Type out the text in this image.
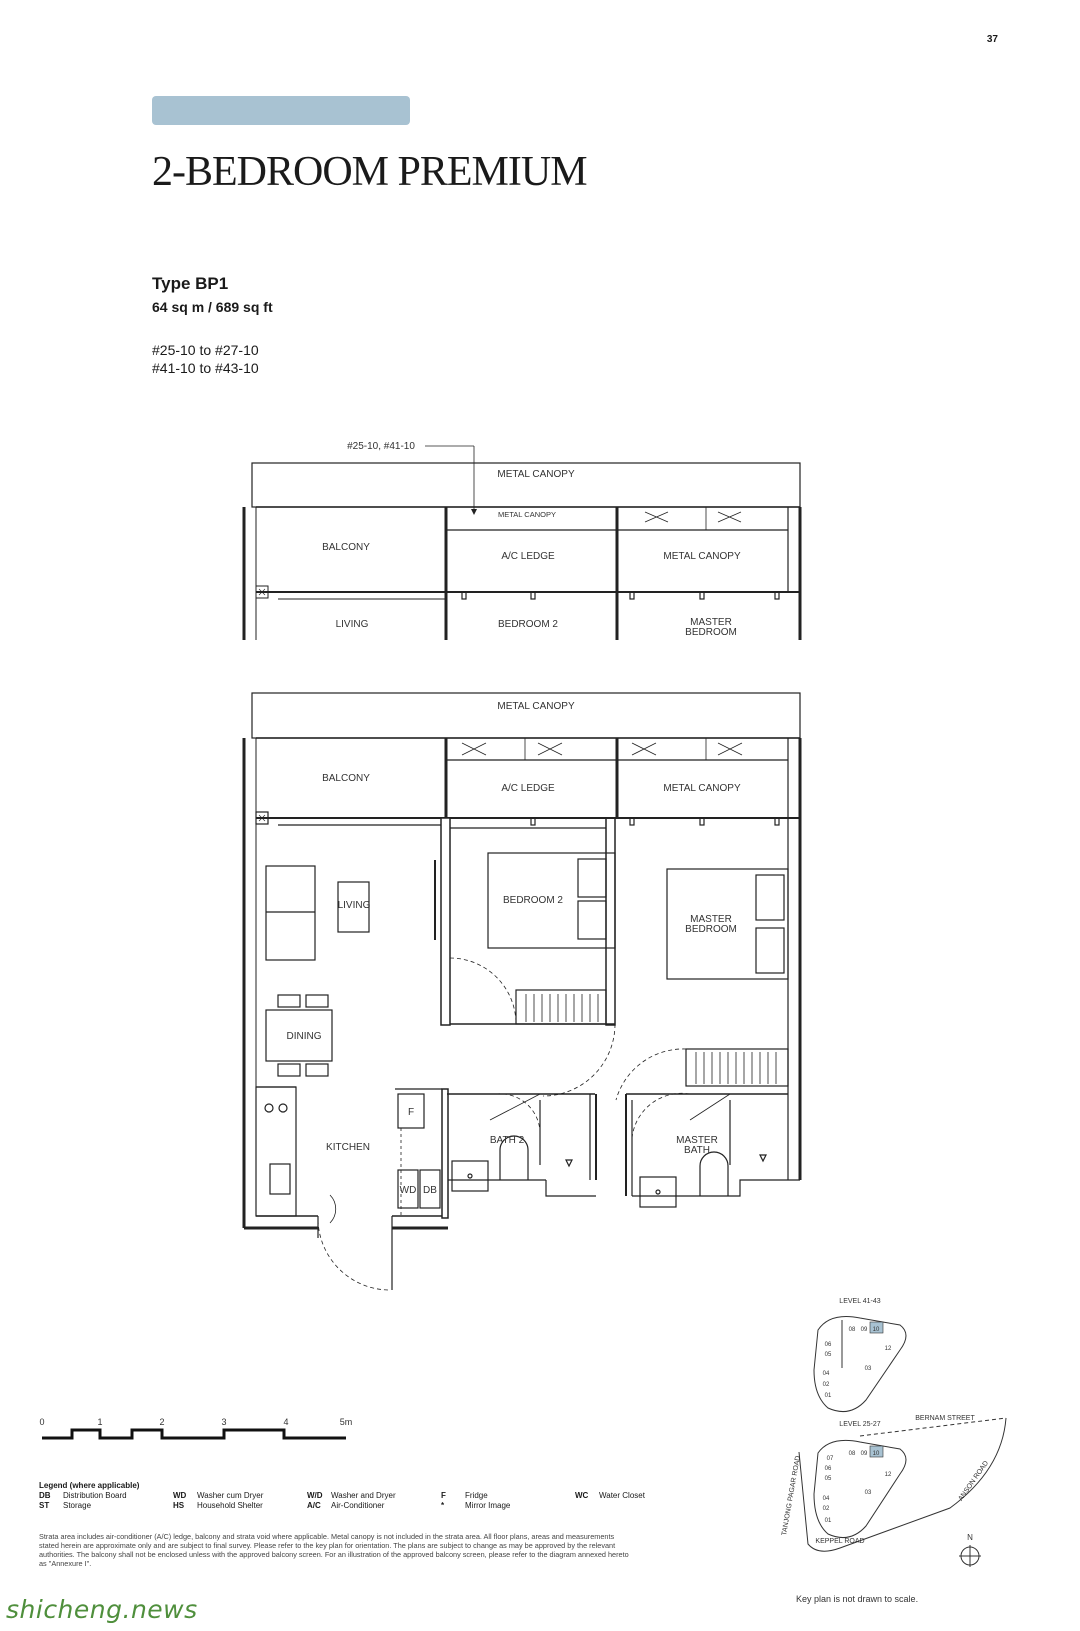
37
2-BEDROOM PREMIUM
Type BP1
64 sq m / 689 sq ft
#25-10 to #27-10
#41-10 to #43-10
#25-10, #41-10
METAL CANOPY
METAL CANOPY
BALCONY
A/C LEDGE	METAL CANOPY
LIVING	BEDROOM 2	MASTER
BEDROOM
METAL CANOPY
BALCONY
A/C LEDGE	METAL CANOPY
LIVING
DINING
KITCHEN
BEDROOM 2
MASTER
BEDROOM
BATH 2	MASTER
BATH
F
WD DB
0	1	2	3	4	5m
LEVEL 41-43
LEVEL 25-27
BERNAM STREET
KEPPEL ROAD
ANSON ROAD
TANJONG PAGAR ROAD
N
08 09 10
06
12
05
03
04
02
01
08 09 10
07
06
05
12
03
04
02
01
Legend (where applicable)
DB	Distribution Board	WD	Washer cum Dryer	W/D	Washer and Dryer	F	Fridge	WC	Water Closet
ST	Storage	HS	Household Shelter	A/C	Air-Conditioner	*	Mirror Image
Strata area includes air-conditioner (A/C) ledge, balcony and strata void where applicable. Metal canopy is not included in the strata area. All floor plans, areas and measurements stated herein are approximate only and are subject to final survey. Please refer to the key plan for orientation. The plans are subject to change as may be approved by the relevant authorities. The balcony shall not be enclosed unless with the approved balcony screen. For an illustration of the approved balcony screen, please refer to the diagram annexed hereto as "Annexure I".
Key plan is not drawn to scale.
shicheng.news
